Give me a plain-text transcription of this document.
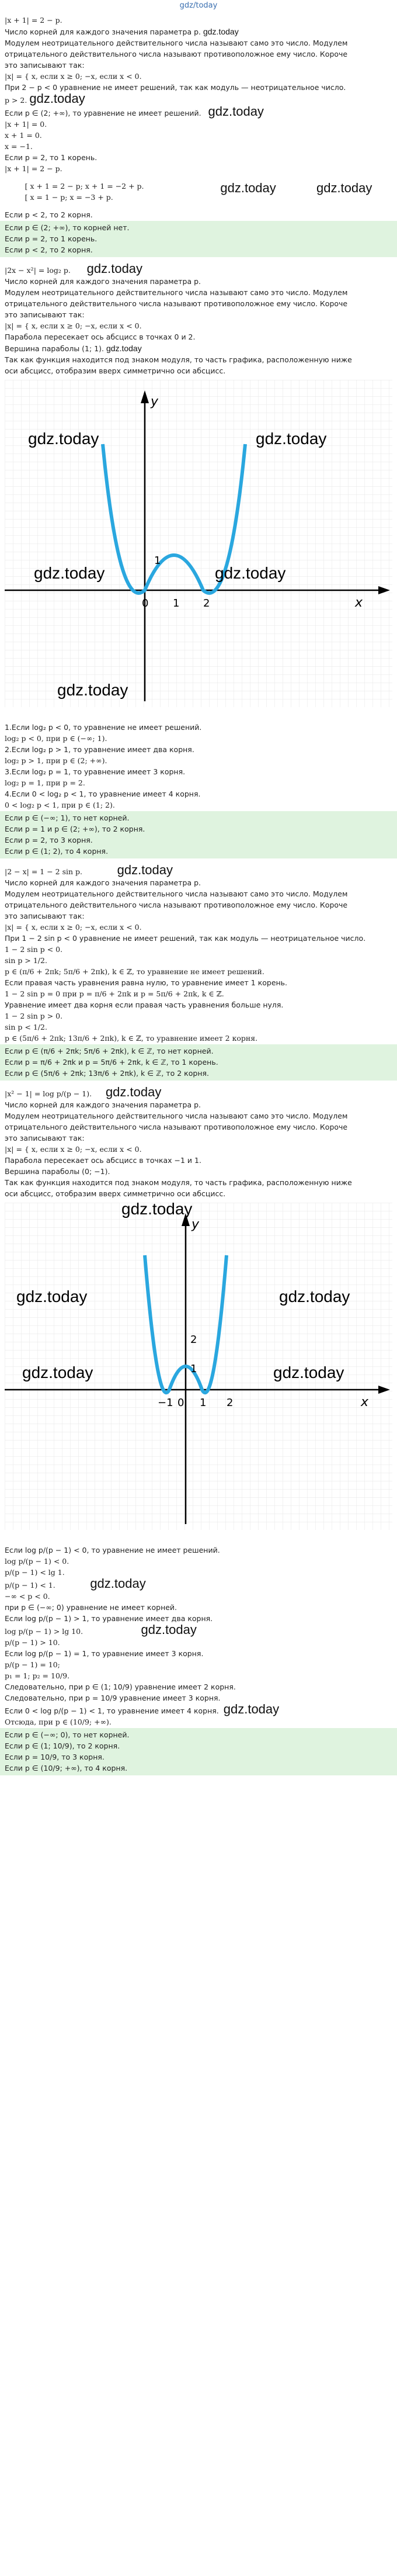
gdz/today
|x + 1| = 2 − p.
Число корней для каждого значения параметра p. gdz.today
Модулем неотрицательного действительного числа называют само это число. Модулем
отрицательного действительного числа называют противоположное ему число. Короче
это записывают так:
|x| = { x, если x ≥ 0; −x, если x < 0.
При 2 − p < 0 уравнение не имеет решений, так как модуль — неотрицательное число.
p > 2. gdz.today
Если p ∈ (2; +∞), то уравнение не имеет решений. gdz.today
|x + 1| = 0.
x + 1 = 0.
x = −1.
Если p = 2, то 1 корень.
|x + 1| = 2 − p.
[ x + 1 = 2 − p; x + 1 = −2 + p.
[ x = 1 − p; x = −3 + p.
gdz.today	gdz.today
Если p < 2, то 2 корня.
Если p ∈ (2; +∞), то корней нет.
Если p = 2, то 1 корень.
Если p < 2, то 2 корня.
|2x − x²| = log₂ p. gdz.today
Число корней для каждого значения параметра p.
Модулем неотрицательного действительного числа называют само это число. Модулем
отрицательного действительного числа называют противоположное ему число. Короче
это записывают так:
|x| = { x, если x ≥ 0; −x, если x < 0.
Парабола пересекает ось абсцисс в точках 0 и 2.
Вершина параболы (1; 1). gdz.today
Так как функция находится под знаком модуля, то часть графика, расположенную ниже
оси абсцисс, отобразим вверх симметрично оси абсцисс.
0 1 2
1
x
y
gdz.today
gdz.today	gdz.today
gdz.today
gdz.today
1.Если log₂ p < 0, то уравнение не имеет решений.
log₂ p < 0, при p ∈ (−∞; 1).
2.Если log₂ p > 1, то уравнение имеет два корня.
log₂ p > 1, при p ∈ (2; +∞).
3.Если log₂ p = 1, то уравнение имеет 3 корня.
log₂ p = 1, при p = 2.
4.Если 0 < log₂ p < 1, то уравнение имеет 4 корня.
0 < log₂ p < 1, при p ∈ (1; 2).
Если p ∈ (−∞; 1), то нет корней.
Если p = 1 и p ∈ (2; +∞), то 2 корня.
Если p = 2, то 3 корня.
Если p ∈ (1; 2), то 4 корня.
|2 − x| = 1 − 2 sin p.	gdz.today
Число корней для каждого значения параметра p.
Модулем неотрицательного действительного числа называют само это число. Модулем
отрицательного действительного числа называют противоположное ему число. Короче
это записывают так:
|x| = { x, если x ≥ 0; −x, если x < 0.
При 1 − 2 sin p < 0 уравнение не имеет решений, так как модуль — неотрицательное число.
1 − 2 sin p < 0.
sin p > 1/2.
p ∈ (π/6 + 2πk; 5π/6 + 2πk), k ∈ ℤ, то уравнение не имеет решений.
Если правая часть уравнения равна нулю, то уравнение имеет 1 корень.
1 − 2 sin p = 0 при p = π/6 + 2πk и p = 5π/6 + 2πk, k ∈ ℤ.
Уравнение имеет два корня если правая часть уравнения больше нуля.
1 − 2 sin p > 0.
sin p < 1/2.
p ∈ (5π/6 + 2πk; 13π/6 + 2πk), k ∈ ℤ, то уравнение имеет 2 корня.
Если p ∈ (π/6 + 2πk; 5π/6 + 2πk), k ∈ ℤ, то нет корней.
Если p = π/6 + 2πk и p = 5π/6 + 2πk, k ∈ ℤ, то 1 корень.
Если p ∈ (5π/6 + 2πk; 13π/6 + 2πk), k ∈ ℤ, то 2 корня.
|x² − 1| = log p/(p − 1). gdz.today
Число корней для каждого значения параметра p.
Модулем неотрицательного действительного числа называют само это число. Модулем
отрицательного действительного числа называют противоположное ему число. Короче
это записывают так:
|x| = { x, если x ≥ 0; −x, если x < 0.
Парабола пересекает ось абсцисс в точках −1 и 1.
Вершина параболы (0; −1).
Так как функция находится под знаком модуля, то часть графика, расположенную ниже
оси абсцисс, отобразим вверх симметрично оси абсцисс.
−1 0 1 2
1
2
x
y
gdz.today
gdz.today	gdz.today
gdz.today	gdz.today
Если log p/(p − 1) < 0, то уравнение не имеет решений.
log p/(p − 1) < 0.
p/(p − 1) < lg 1.
p/(p − 1) < 1.	gdz.today
−∞ < p < 0.
при p ∈ (−∞; 0) уравнение не имеет корней.
Если log p/(p − 1) > 1, то уравнение имеет два корня.
log p/(p − 1) > lg 10.	gdz.today
p/(p − 1) > 10.
Если log p/(p − 1) = 1, то уравнение имеет 3 корня.
p/(p − 1) = 10;
p₁ = 1; p₂ = 10/9.
Следовательно, при p ∈ (1; 10/9) уравнение имеет 2 корня.
Следовательно, при p = 10/9 уравнение имеет 3 корня.
Если 0 < log p/(p − 1) < 1, то уравнение имеет 4 корня. gdz.today
Отсюда, при p ∈ (10/9; +∞).
Если p ∈ (−∞; 0), то нет корней.
Если p ∈ (1; 10/9), то 2 корня.
Если p = 10/9, то 3 корня.
Если p ∈ (10/9; +∞), то 4 корня.
